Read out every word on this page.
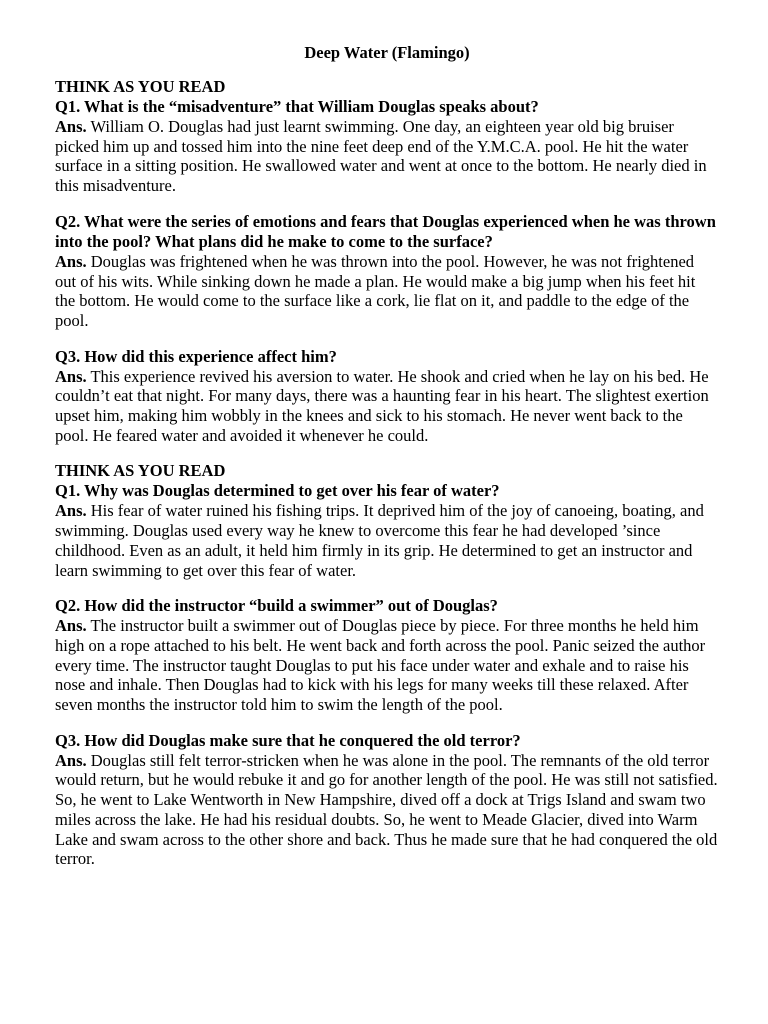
Deep Water (Flamingo)
THINK AS YOU READ

Q1. What is the “misadventure” that William Douglas speaks about?

Ans. William O. Douglas had just learnt swimming. One day, an eighteen year old big bruiser picked him up and tossed him into the nine feet deep end of the Y.M.C.A. pool. He hit the water surface in a sitting position. He swallowed water and went at once to the bottom. He nearly died in this misadventure.

Q2. What were the series of emotions and fears that Douglas experienced when he was thrown into the pool? What plans did he make to come to the surface?

Ans. Douglas was frightened when he was thrown into the pool. However, he was not frightened out of his wits. While sinking down he made a plan. He would make a big jump when his feet hit the bottom. He would come to the surface like a cork, lie flat on it, and paddle to the edge of the pool.

Q3. How did this experience affect him?

Ans. This experience revived his aversion to water. He shook and cried when he lay on his bed. He couldn’t eat that night. For many days, there was a haunting fear in his heart. The slightest exertion upset him, making him wobbly in the knees and sick to his stomach. He never went back to the pool. He feared water and avoided it whenever he could.

THINK AS YOU READ

Q1. Why was Douglas determined to get over his fear of water?

Ans. His fear of water ruined his fishing trips. It deprived him of the joy of canoeing, boating, and swimming. Douglas used every way he knew to overcome this fear he had developed ’since childhood. Even as an adult, it held him firmly in its grip. He determined to get an instructor and learn swimming to get over this fear of water.

Q2. How did the instructor “build a swimmer” out of Douglas?

Ans. The instructor built a swimmer out of Douglas piece by piece. For three months he held him high on a rope attached to his belt. He went back and forth across the pool. Panic seized the author every time. The instructor taught Douglas to put his face under water and exhale and to raise his nose and inhale. Then Douglas had to kick with his legs for many weeks till these relaxed. After seven months the instructor told him to swim the length of the pool.

Q3. How did Douglas make sure that he conquered the old terror?

Ans. Douglas still felt terror-stricken when he was alone in the pool. The remnants of the old terror would return, but he would rebuke it and go for another length of the pool. He was still not satisfied. So, he went to Lake Wentworth in New Hampshire, dived off a dock at Trigs Island and swam two miles across the lake. He had his residual doubts. So, he went to Meade Glacier, dived into Warm Lake and swam across to the other shore and back. Thus he made sure that he had conquered the old terror.
